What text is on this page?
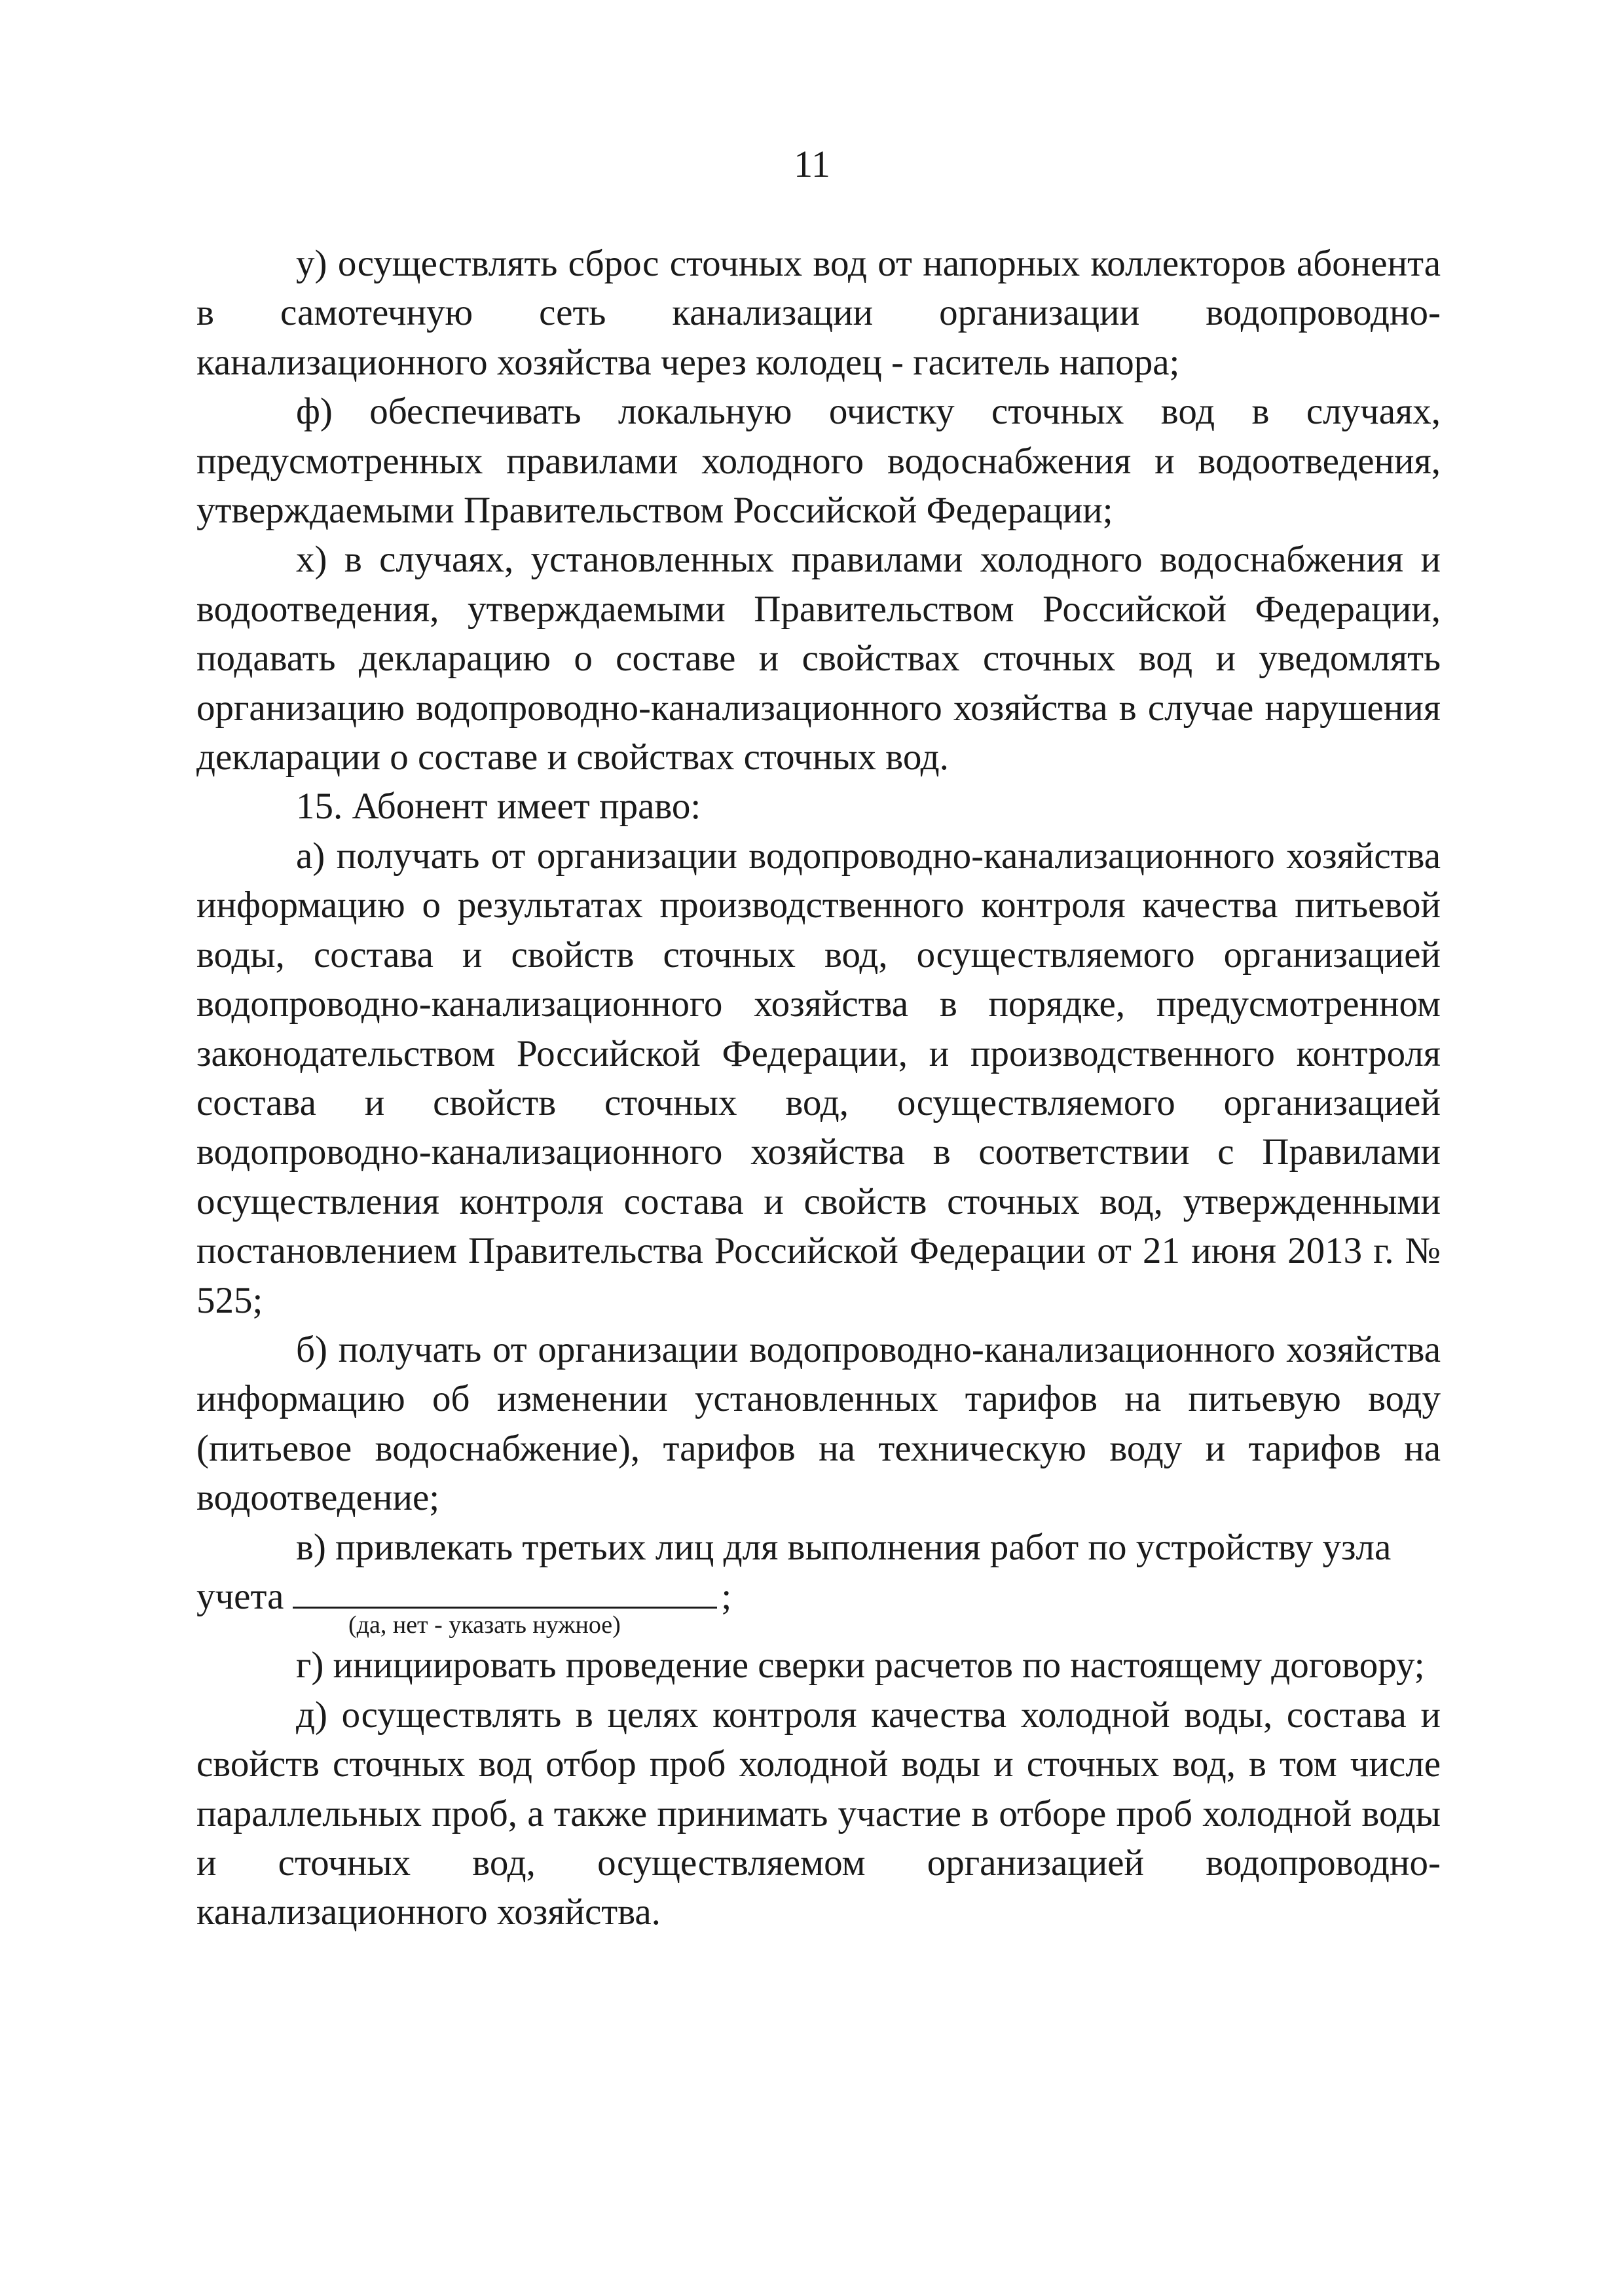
11

у) осуществлять сброс сточных вод от напорных коллекторов абонента в самотечную сеть канализации организации водопроводно-канализационного хозяйства через колодец - гаситель напора;

ф) обеспечивать локальную очистку сточных вод в случаях, предусмотренных правилами холодного водоснабжения и водоотведения, утверждаемыми Правительством Российской Федерации;

х) в случаях, установленных правилами холодного водоснабжения и водоотведения, утверждаемыми Правительством Российской Федерации, подавать декларацию о составе и свойствах сточных вод и уведомлять организацию водопроводно-канализационного хозяйства в случае нарушения декларации о составе и свойствах сточных вод.

15. Абонент имеет право:

а) получать от организации водопроводно-канализационного хозяйства информацию о результатах производственного контроля качества питьевой воды, состава и свойств сточных вод, осуществляемого организацией водопроводно-канализационного хозяйства в порядке, предусмотренном законодательством Российской Федерации, и производственного контроля состава и свойств сточных вод, осуществляемого организацией водопроводно-канализационного хозяйства в соответствии с Правилами осуществления контроля состава и свойств сточных вод, утвержденными постановлением Правительства Российской Федерации от 21 июня 2013 г. № 525;

б) получать от организации водопроводно-канализационного хозяйства информацию об изменении установленных тарифов на питьевую воду (питьевое водоснабжение), тарифов на техническую воду и тарифов на водоотведение;

в) привлекать третьих лиц для выполнения работ по устройству узла

учета	;

(да, нет - указать нужное)

г) инициировать проведение сверки расчетов по настоящему договору;

д) осуществлять в целях контроля качества холодной воды, состава и свойств сточных вод отбор проб холодной воды и сточных вод, в том числе параллельных проб, а также принимать участие в отборе проб холодной воды и сточных вод, осуществляемом организацией водопроводно-канализационного хозяйства.
